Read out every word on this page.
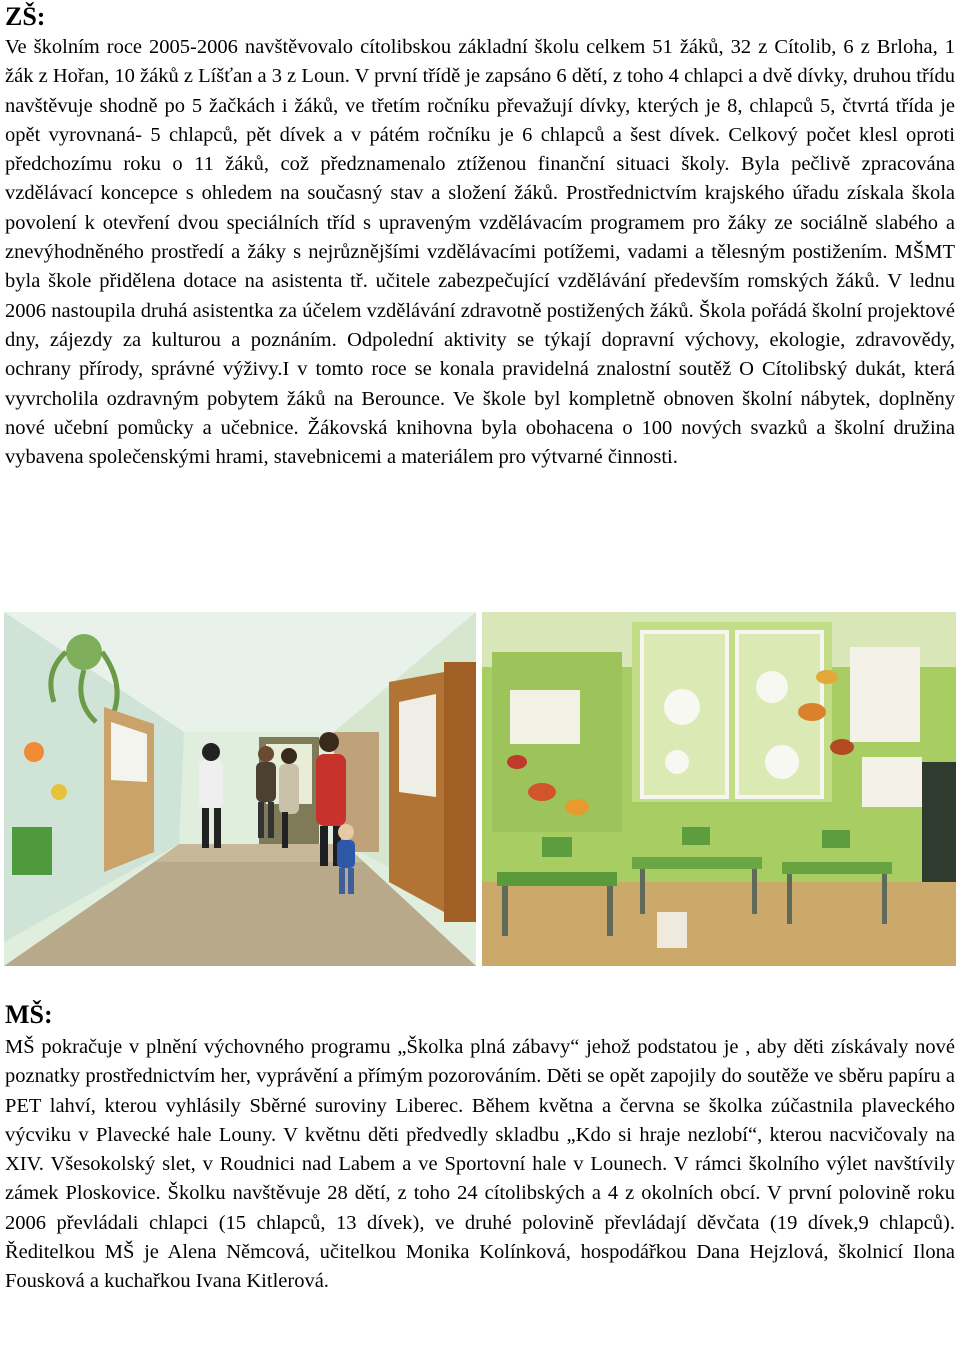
ZŠ:

Ve školním roce 2005-2006 navštěvovalo cítolibskou základní školu celkem 51 žáků, 32 z Cítolib, 6 z Brloha, 1 žák z Hořan, 10 žáků z Líšťan a 3 z Loun. V první třídě je zapsáno 6 dětí, z toho 4 chlapci a dvě dívky, druhou třídu navštěvuje shodně po 5 žačkách i žáků, ve třetím ročníku převažují dívky, kterých je 8, chlapců 5, čtvrtá třída je opět vyrovnaná- 5 chlapců, pět dívek a v pátém ročníku je 6 chlapců a šest dívek. Celkový počet klesl oproti předchozímu roku o 11 žáků, což předznamenalo ztíženou finanční situaci školy. Byla pečlivě zpracována vzdělávací koncepce s ohledem na současný stav a složení žáků. Prostřednictvím krajského úřadu získala škola povolení k otevření dvou speciálních tříd s upraveným vzdělávacím programem pro žáky ze sociálně slabého a znevýhodněného prostředí a žáky s nejrůznějšími vzdělávacími potížemi, vadami a tělesným postižením. MŠMT byla škole přidělena dotace na asistenta tř. učitele zabezpečující vzdělávání především romských žáků. V lednu 2006 nastoupila druhá asistentka za účelem vzdělávání zdravotně postižených žáků. Škola pořádá školní projektové dny, zájezdy za kulturou a poznáním. Odpolední aktivity se týkají dopravní výchovy, ekologie, zdravovědy, ochrany přírody, správné výživy.I v tomto roce se konala pravidelná znalostní soutěž O Cítolibský dukát, která vyvrcholila ozdravným pobytem žáků na Berounce. Ve škole byl kompletně obnoven školní nábytek, doplněny nové učební pomůcky a učebnice. Žákovská knihovna byla obohacena o 100 nových svazků a školní družina vybavena společenskými hrami, stavebnicemi a materiálem pro výtvarné činnosti.

MŠ:

MŠ pokračuje v plnění výchovného programu „Školka plná zábavy“ jehož podstatou je , aby děti získávaly nové poznatky prostřednictvím her, vyprávění a přímým pozorováním. Děti se opět zapojily do soutěže ve sběru papíru a PET lahví, kterou vyhlásily Sběrné suroviny Liberec. Během května a června se školka zúčastnila plaveckého výcviku v Plavecké hale Louny. V květnu děti předvedly skladbu „Kdo si hraje nezlobí“, kterou nacvičovaly na XIV. Všesokolský slet, v Roudnici nad Labem a ve Sportovní hale v Lounech. V rámci školního výlet navštívily zámek Ploskovice. Školku navštěvuje 28 dětí, z toho 24 cítolibských a 4 z okolních obcí. V první polovině roku 2006 převládali chlapci (15 chlapců, 13 dívek), ve druhé polovině převládají děvčata (19 dívek,9 chlapců). Ředitelkou MŠ je Alena Němcová, učitelkou Monika Kolínková, hospodářkou Dana Hejzlová, školnicí Ilona Fousková a kuchařkou Ivana Kitlerová.
